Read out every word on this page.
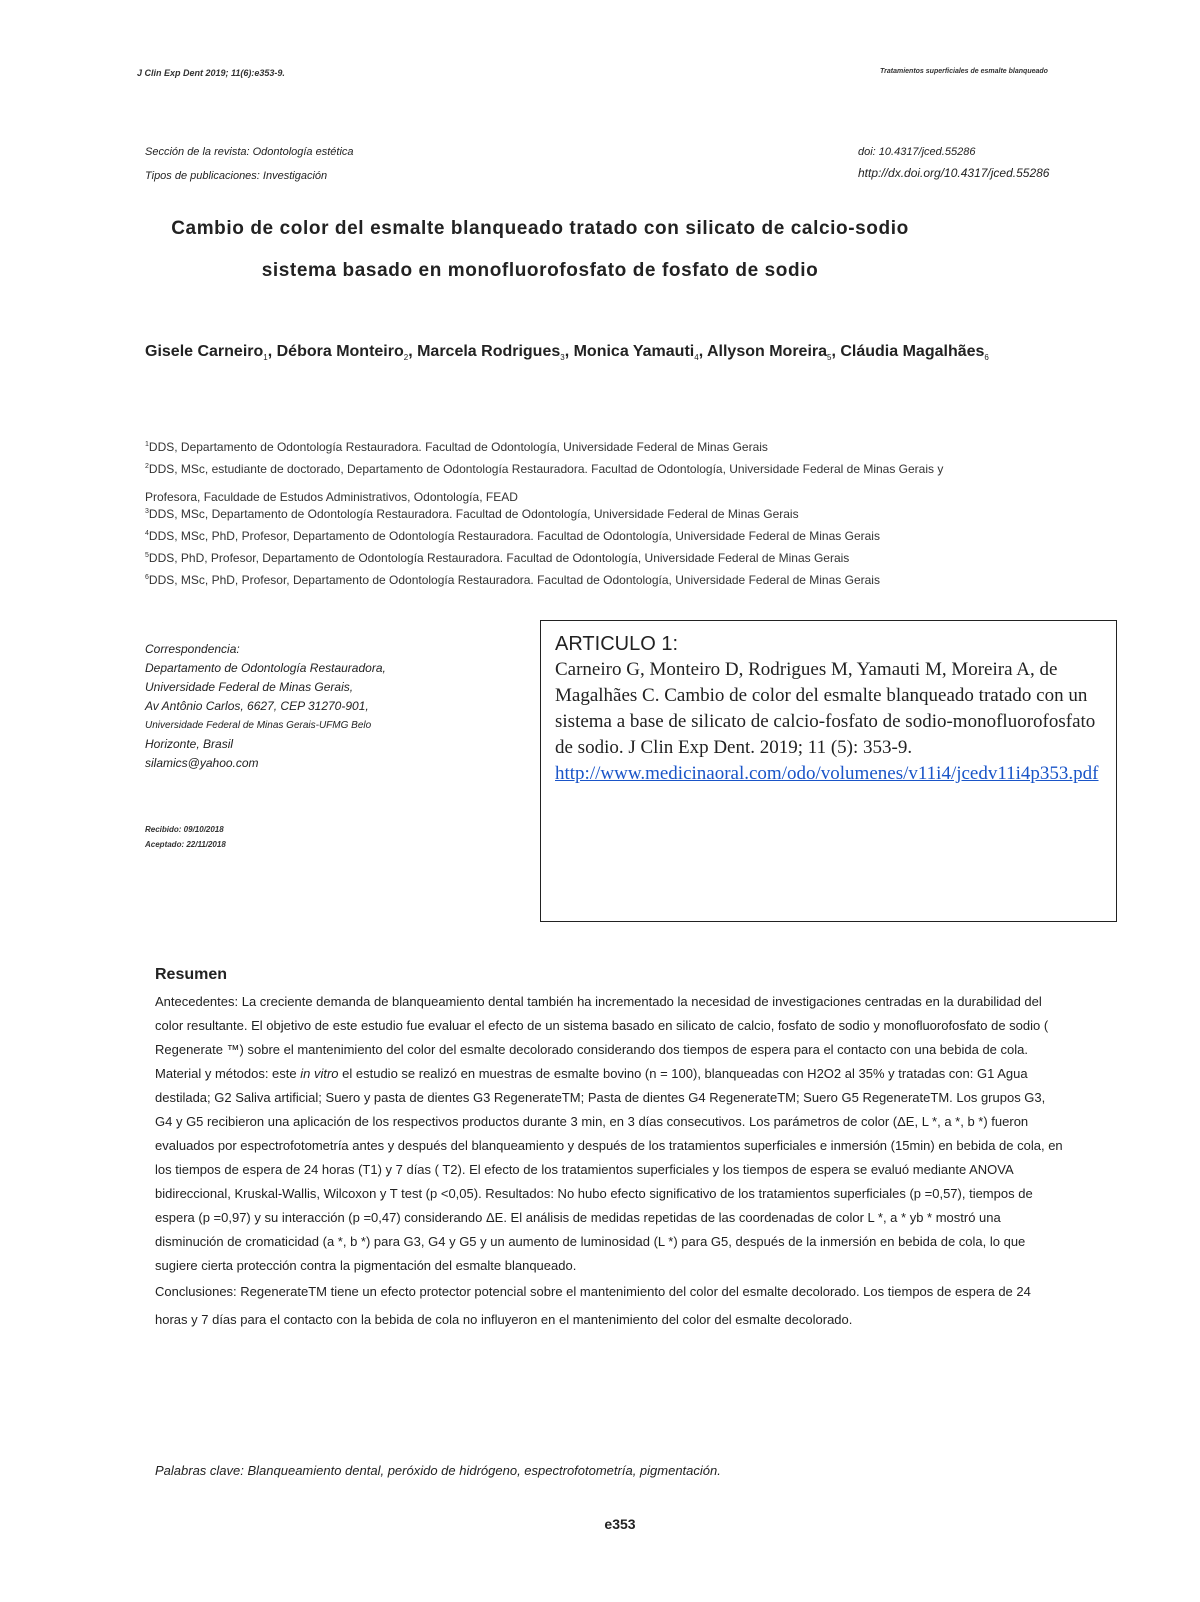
J Clin Exp Dent 2019; 11(6):e353-9.	Tratamientos superficiales de esmalte blanqueado
Sección de la revista: Odontología estética
Tipos de publicaciones: Investigación
doi: 10.4317/jced.55286
http://dx.doi.org/10.4317/jced.55286
Cambio de color del esmalte blanqueado tratado con silicato de calcio-sodio
sistema basado en monofluorofosfato de fosfato de sodio
Gisele Carneiro$_1$, Débora Monteiro$_2$, Marcela Rodrigues$_3$, Monica Yamauti$_4$, Allyson Moreira$_5$, Cláudia Magalhães$_6$
$^1$DDS, Departamento de Odontología Restauradora. Facultad de Odontología, Universidade Federal de Minas Gerais
$^2$DDS, MSc, estudiante de doctorado, Departamento de Odontología Restauradora. Facultad de Odontología, Universidade Federal de Minas Gerais y
Profesora, Faculdade de Estudos Administrativos, Odontología, FEAD
$^3$DDS, MSc, Departamento de Odontología Restauradora. Facultad de Odontología, Universidade Federal de Minas Gerais
$^4$DDS, MSc, PhD, Profesor, Departamento de Odontología Restauradora. Facultad de Odontología, Universidade Federal de Minas Gerais
$^5$DDS, PhD, Profesor, Departamento de Odontología Restauradora. Facultad de Odontología, Universidade Federal de Minas Gerais
$^6$DDS, MSc, PhD, Profesor, Departamento de Odontología Restauradora. Facultad de Odontología, Universidade Federal de Minas Gerais
Correspondencia:
Departamento de Odontología Restauradora,
Universidade Federal de Minas Gerais,
Av Antônio Carlos, 6627, CEP 31270-901,
Universidade Federal de Minas Gerais-UFMG Belo
Horizonte, Brasil
silamics@yahoo.com
Recibido: 09/10/2018
Aceptado: 22/11/2018
ARTICULO 1:
Carneiro G, Monteiro D, Rodrigues M, Yamauti M, Moreira A, de Magalhães C. Cambio de color del esmalte blanqueado tratado con un sistema a base de silicato de calcio-fosfato de sodio-monofluorofosfato de sodio. J Clin Exp Dent. 2019; 11 (5): 353-9.
http://www.medicinaoral.com/odo/volumenes/v11i4/jcedv11i4p353.pdf
Resumen

Antecedentes: La creciente demanda de blanqueamiento dental también ha incrementado la necesidad de investigaciones centradas en la durabilidad del color resultante. El objetivo de este estudio fue evaluar el efecto de un sistema basado en silicato de calcio, fosfato de sodio y monofluorofosfato de sodio ( Regenerate ™) sobre el mantenimiento del color del esmalte decolorado considerando dos tiempos de espera para el contacto con una bebida de cola.

Material y métodos: este in vitro el estudio se realizó en muestras de esmalte bovino (n = 100), blanqueadas con H2O2 al 35% y tratadas con: G1 Agua destilada; G2 Saliva artificial; Suero y pasta de dientes G3 RegenerateTM; Pasta de dientes G4 RegenerateTM; Suero G5 RegenerateTM. Los grupos G3, G4 y G5 recibieron una aplicación de los respectivos productos durante 3 min, en 3 días consecutivos. Los parámetros de color (ΔE, L *, a *, b *) fueron evaluados por espectrofotometría antes y después del blanqueamiento y después de los tratamientos superficiales e inmersión (15min) en bebida de cola, en los tiempos de espera de 24 horas (T1) y 7 días ( T2). El efecto de los tratamientos superficiales y los tiempos de espera se evaluó mediante ANOVA bidireccional, Kruskal-Wallis, Wilcoxon y T test (p <0,05). Resultados: No hubo efecto significativo de los tratamientos superficiales (p =0,57), tiempos de espera (p =0,97) y su interacción (p =0,47) considerando ΔE. El análisis de medidas repetidas de las coordenadas de color L *, a * yb * mostró una disminución de cromaticidad (a *, b *) para G3, G4 y G5 y un aumento de luminosidad (L *) para G5, después de la inmersión en bebida de cola, lo que sugiere cierta protección contra la pigmentación del esmalte blanqueado.

Conclusiones: RegenerateTM tiene un efecto protector potencial sobre el mantenimiento del color del esmalte decolorado. Los tiempos de espera de 24 horas y 7 días para el contacto con la bebida de cola no influyeron en el mantenimiento del color del esmalte decolorado.

Palabras clave: Blanqueamiento dental, peróxido de hidrógeno, espectrofotometría, pigmentación.
e353
